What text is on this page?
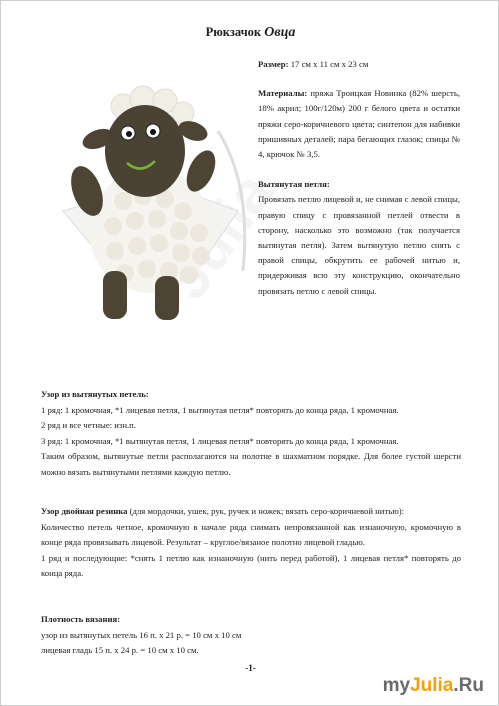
Рюкзачок Овца

Размер: 17 см х 11 см х 23 см

Материалы: пряжа Троицкая Новинка (82% шерсть, 18% акрил; 100г/120м) 200 г белого цвета и остатки пряжи серо-коричневого цвета; синтепон для набивки пришивных деталей; пара бегающих глазок; спицы № 4, крючок № 3,5.

Вытянутая петля:

Провязать петлю лицевой и, не снимая с левой спицы, правую спицу с провязанной петлей отвести в сторону, насколько это возможно (так получается вытянутая петля). Затем вытянутую петлю снять с правой спицы, обкрутить ее рабочей нитью и, придерживая всю эту конструкцию, окончательно провязать петлю с левой спицы.

Узор из вытянутых петель:

1 ряд: 1 кромочная, *1 лицевая петля, 1 вытянутая петля* повторять до конца ряда, 1 кромочная.

2 ряд и все четные: изн.п.

3 ряд: 1 кромочная, *1 вытянутая петля, 1 лицевая петля* повторять до конца ряда, 1 кромочная.

Таким образом, вытянутые петли располагаются на полотне в шахматном порядке. Для более густой шерсти можно вязать вытянутыми петлями каждую петлю.

Узор двойная резинка (для мордочки, ушек, рук, ручек и ножек; вязать серо-коричневой нитью):

Количество петель четное, кромочную в начале ряда снимать непровязанной как изнаночную, кромочную в конце ряда провязывать лицевой. Результат – круглое/вязаное полотно лицевой гладью.

1 ряд и последующие: *снять 1 петлю как изнаночную (нить перед работой), 1 лицевая петля* повторять до конца ряда.

Плотность вязания:

узор из вытянутых петель 16 п. х 21 р. = 10 см х 10 см

лицевая гладь 15 п. х 24 р. = 10 см х 10 см.

-1-
myJulia.Ru
